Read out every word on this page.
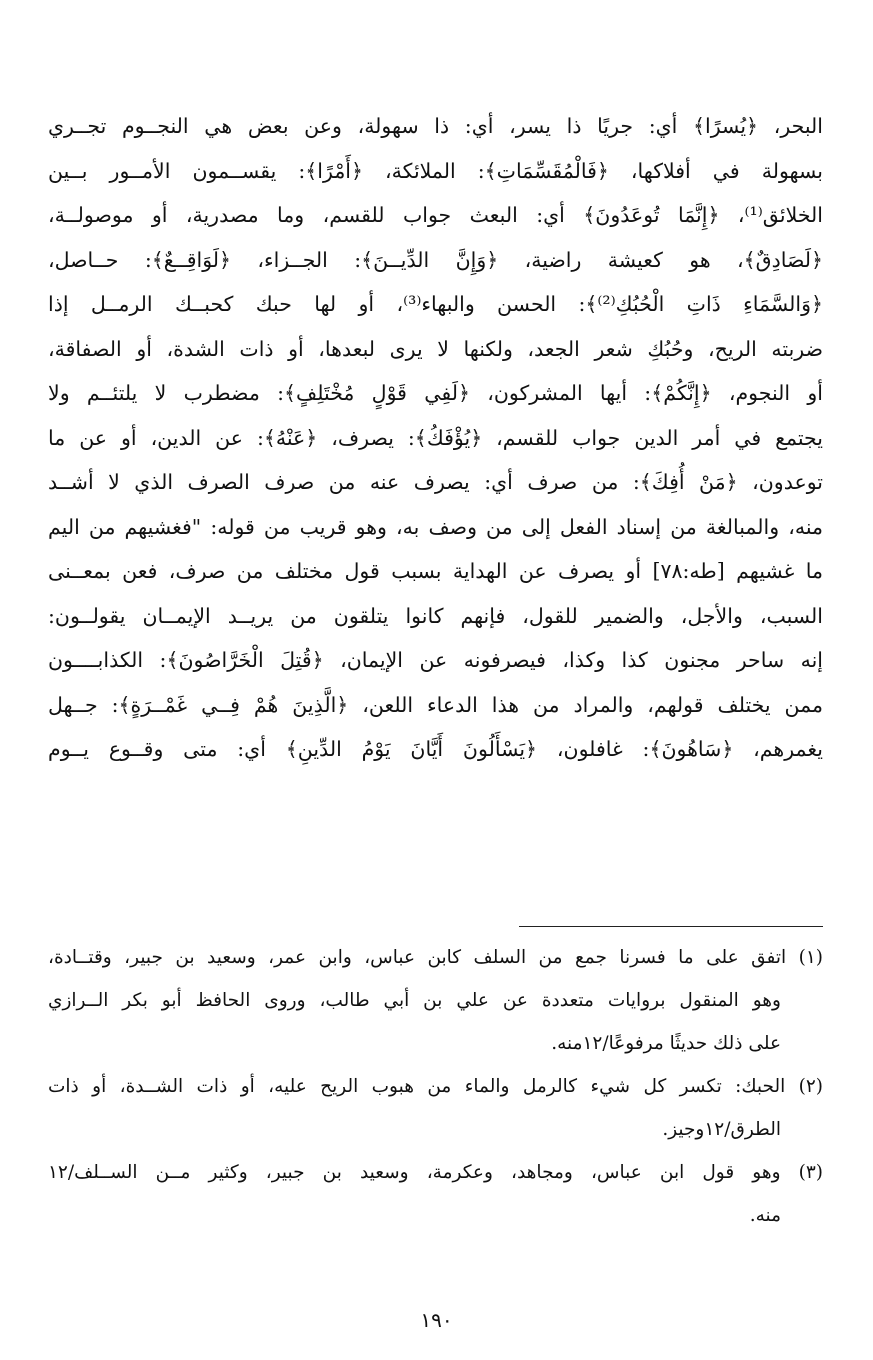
البحر، ﴿يُسرًا﴾ أي: جريًا ذا يسر، أي: ذا سهولة، وعن بعض هي النجــوم تجــري
بسهولة في أفلاكها، ﴿فَالْمُقَسِّمَاتِ﴾: الملائكة، ﴿أَمْرًا﴾: يقســمون الأمــور بــين
الخلائق⁽¹⁾، ﴿إِنَّمَا تُوعَدُونَ﴾ أي: البعث جواب للقسم، وما مصدرية، أو موصولــة،
﴿لَصَادِقٌ﴾، هو كعيشة راضية، ﴿وَإِنَّ الدِّيــنَ﴾: الجــزاء، ﴿لَوَاقِــعٌ﴾: حــاصل،
﴿وَالسَّمَاءِ ذَاتِ الْحُبُكِ⁽²⁾﴾: الحسن والبهاء⁽³⁾، أو لها حبك كحبــك الرمــل إذا
ضربته الريح، وحُبُكِ شعر الجعد، ولكنها لا يرى لبعدها، أو ذات الشدة، أو الصفاقة،
أو النجوم، ﴿إِنَّكُمْ﴾: أيها المشركون، ﴿لَفِي قَوْلٍ مُخْتَلِفٍ﴾: مضطرب لا يلتئــم ولا
يجتمع في أمر الدين جواب للقسم، ﴿يُؤْفَكُ﴾: يصرف، ﴿عَنْهُ﴾: عن الدين، أو عن ما
توعدون، ﴿مَنْ أُفِكَ﴾: من صرف أي: يصرف عنه من صرف الصرف الذي لا أشــد
منه، والمبالغة من إسناد الفعل إلى من وصف به، وهو قريب من قوله: "فغشيهم من اليم
ما غشيهم [طه:٧٨] أو يصرف عن الهداية بسبب قول مختلف من صرف، فعن بمعــنى
السبب، والأجل، والضمير للقول، فإنهم كانوا يتلقون من يريــد الإيمــان يقولــون:
إنه ساحر مجنون كذا وكذا، فيصرفونه عن الإيمان، ﴿قُتِلَ الْخَرَّاصُونَ﴾: الكذابــــون
ممن يختلف قولهم، والمراد من هذا الدعاء اللعن، ﴿الَّذِينَ هُمْ فِــي غَمْــرَةٍ﴾: جــهل
يغمرهم، ﴿سَاهُونَ﴾: غافلون، ﴿يَسْأَلُونَ أَيَّانَ يَوْمُ الدِّينِ﴾ أي: متى وقــوع يــوم
(١) اتفق على ما فسرنا جمع من السلف كابن عباس، وابن عمر، وسعيد بن جبير، وقتــادة،
وهو المنقول بروايات متعددة عن علي بن أبي طالب، وروى الحافظ أبو بكر الــرازي
على ذلك حديثًا مرفوعًا/١٢منه.
(٢) الحبك: تكسر كل شيء كالرمل والماء من هبوب الريح عليه، أو ذات الشــدة، أو ذات
الطرق/١٢وجيز.
(٣) وهو قول ابن عباس، ومجاهد، وعكرمة، وسعيد بن جبير، وكثير مــن الســلف/١٢
منه.
١٩٠
